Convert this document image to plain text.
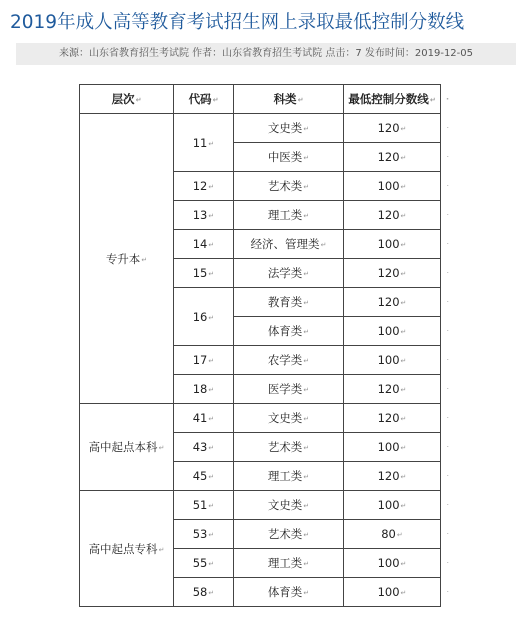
2019年成人高等教育考试招生网上录取最低控制分数线
来源：山东省教育招生考试院 作者：山东省教育招生考试院 点击：7 发布时间：2019-12-05
层次 ↵	代码 ↵	科类 ↵	最低控制分数线 ↵ ·

专升本 ↵	11 ↵	文史类 ↵	120 ↵ ·

		中医类 ↵	120 ↵ ·

	12 ↵	艺术类 ↵	100 ↵ ·

	13 ↵	理工类 ↵	120 ↵ ·

	14 ↵	经济、管理类 ↵	100 ↵ ·

	15 ↵	法学类 ↵	120 ↵ ·

	16 ↵	教育类 ↵	120 ↵ ·

		体育类 ↵	100 ↵ ·

	17 ↵	农学类 ↵	100 ↵ ·

	18 ↵	医学类 ↵	120 ↵ ·

高中起点本科 ↵	41 ↵	文史类 ↵	120 ↵ ·

	43 ↵	艺术类 ↵	100 ↵ ·

	45 ↵	理工类 ↵	120 ↵ ·

高中起点专科 ↵	51 ↵	文史类 ↵	100 ↵ ·

	53 ↵	艺术类 ↵	80 ↵ ·

	55 ↵	理工类 ↵	100 ↵ ·

	58 ↵	体育类 ↵	100 ↵ ·
